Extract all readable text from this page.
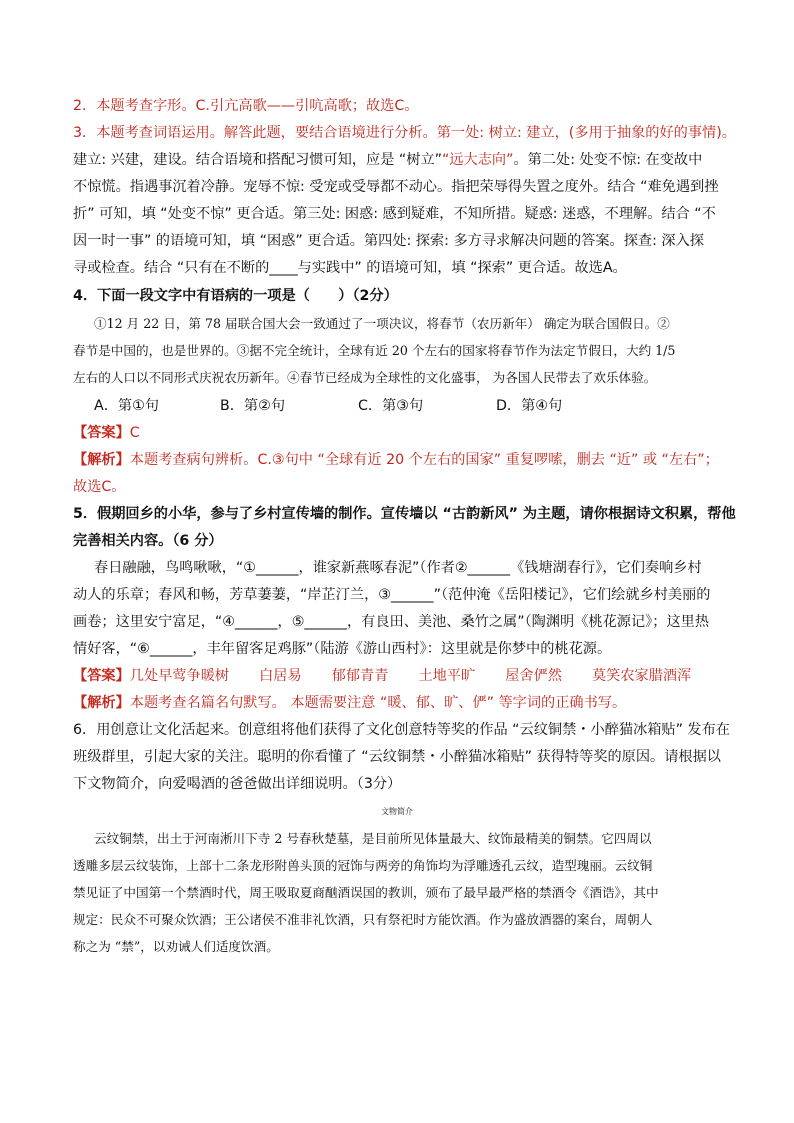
2．本题考查字形。C.引亢高歌——引吭高歌；故选C。
3．本题考查词语运用。解答此题，要结合语境进行分析。第一处: 树立: 建立，(多用于抽象的好的事情)。
建立: 兴建，建设。结合语境和搭配习惯可知，应是 “树立”“远大志向”。第二处: 处变不惊: 在变故中
不惊慌。指遇事沉着冷静。宠辱不惊: 受宠或受辱都不动心。指把荣辱得失置之度外。结合 “难免遇到挫
折” 可知，填 “处变不惊” 更合适。第三处: 困惑: 感到疑难，不知所措。疑惑: 迷惑，不理解。结合 “不
因一时一事” 的语境可知，填 “困惑” 更合适。第四处: 探索: 多方寻求解决问题的答案。探查: 深入探
寻或检查。结合 “只有在不断的____与实践中” 的语境可知，填 “探索” 更合适。故选A。
4．下面一段文字中有语病的一项是（　　）（2分）
①12 月 22 日，第 78 届联合国大会一致通过了一项决议，将春节（农历新年） 确定为联合国假日。②
春节是中国的，也是世界的。③据不完全统计，全球有近 20 个左右的国家将春节作为法定节假日，大约 1/5
左右的人口以不同形式庆祝农历新年。④春节已经成为全球性的文化盛事， 为各国人民带去了欢乐体验。
A．第①句	B．第②句	C．第③句	D．第④句
【答案】C
【解析】本题考查病句辨析。C.③句中 “全球有近 20 个左右的国家” 重复啰嗦，删去 “近” 或 “左右”；
故选C。
5．假期回乡的小华，参与了乡村宣传墙的制作。宣传墙以 “古韵新风” 为主题，请你根据诗文积累，帮他
完善相关内容。（6 分）
春日融融，鸟鸣啾啾，“①______，谁家新燕啄春泥”（作者②______《钱塘湖春行》，它们奏响乡村
动人的乐章；春风和畅，芳草萋萋，“岸芷汀兰，③______”（范仲淹《岳阳楼记》，它们绘就乡村美丽的
画卷；这里安宁富足，“④______，⑤______，有良田、美池、桑竹之属”（陶渊明《桃花源记》；这里热
情好客，“⑥______，丰年留客足鸡豚”（陆游《游山西村》：这里就是你梦中的桃花源。
【答案】几处早莺争暖树 白居易 郁郁青青 土地平旷 屋舍俨然 莫笑农家腊酒浑
【解析】本题考查名篇名句默写。 本题需要注意 “暖、郁、旷、俨” 等字词的正确书写。
6．用创意让文化活起来。创意组将他们获得了文化创意特等奖的作品 “云纹铜禁・小醉猫冰箱贴” 发布在
班级群里，引起大家的关注。聪明的你看懂了 “云纹铜禁・小醉猫冰箱贴” 获得特等奖的原因。请根据以
下文物简介，向爱喝酒的爸爸做出详细说明。（3分）
文物简介
云纹铜禁，出土于河南淅川下寺 2 号春秋楚墓，是目前所见体量最大、纹饰最精美的铜禁。它四周以
透雕多层云纹装饰，上部十二条龙形附兽头顶的冠饰与两旁的角饰均为浮雕透孔云纹，造型瑰丽。云纹铜
禁见证了中国第一个禁酒时代，周王吸取夏商酗酒误国的教训，颁布了最早最严格的禁酒令《酒诰》，其中
规定：民众不可聚众饮酒；王公诸侯不准非礼饮酒，只有祭祀时方能饮酒。作为盛放酒器的案台，周朝人
称之为 “禁”，以劝诫人们适度饮酒。
